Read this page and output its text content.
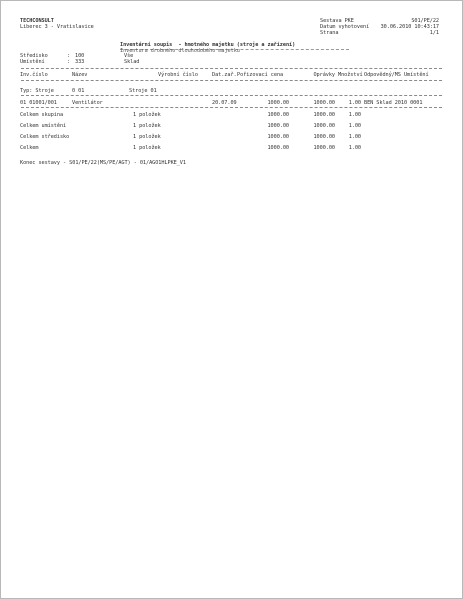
TECHCONSULT
Liberec 3 - Vratislavice
Sestava PKE	S01/PE/22
Datum vyhotovení	30.06.2010 10:43:17
Strana	1/1
Inventární soupis  - hmotného majetku (stroje a zařízení)
Inventura drobného dlouhodobého majetku
Středisko	: 100	Vše
Umístění	: 333	Sklad
Inv.číslo	Název	Výrobní číslo	Dat.zař. Pořizovací cena	Oprávky Množství Odpovědný/MS Umístění
Typ: Stroje	0 01	Stroje 01
01 01001/001	Ventilátor	20.07.09	1000.00	1000.00	1.00 BEN Sklad 2010 0001
Celkem skupina	1 položek	1000.00	1000.00	1.00
Celkem umístění	1 položek	1000.00	1000.00	1.00
Celkem středisko	1 položek	1000.00	1000.00	1.00
Celkem	1 položek	1000.00	1000.00	1.00
Konec sestavy - S01/PE/22(MS/PE/AGT) - 01/AGO1HLPKE_V1
